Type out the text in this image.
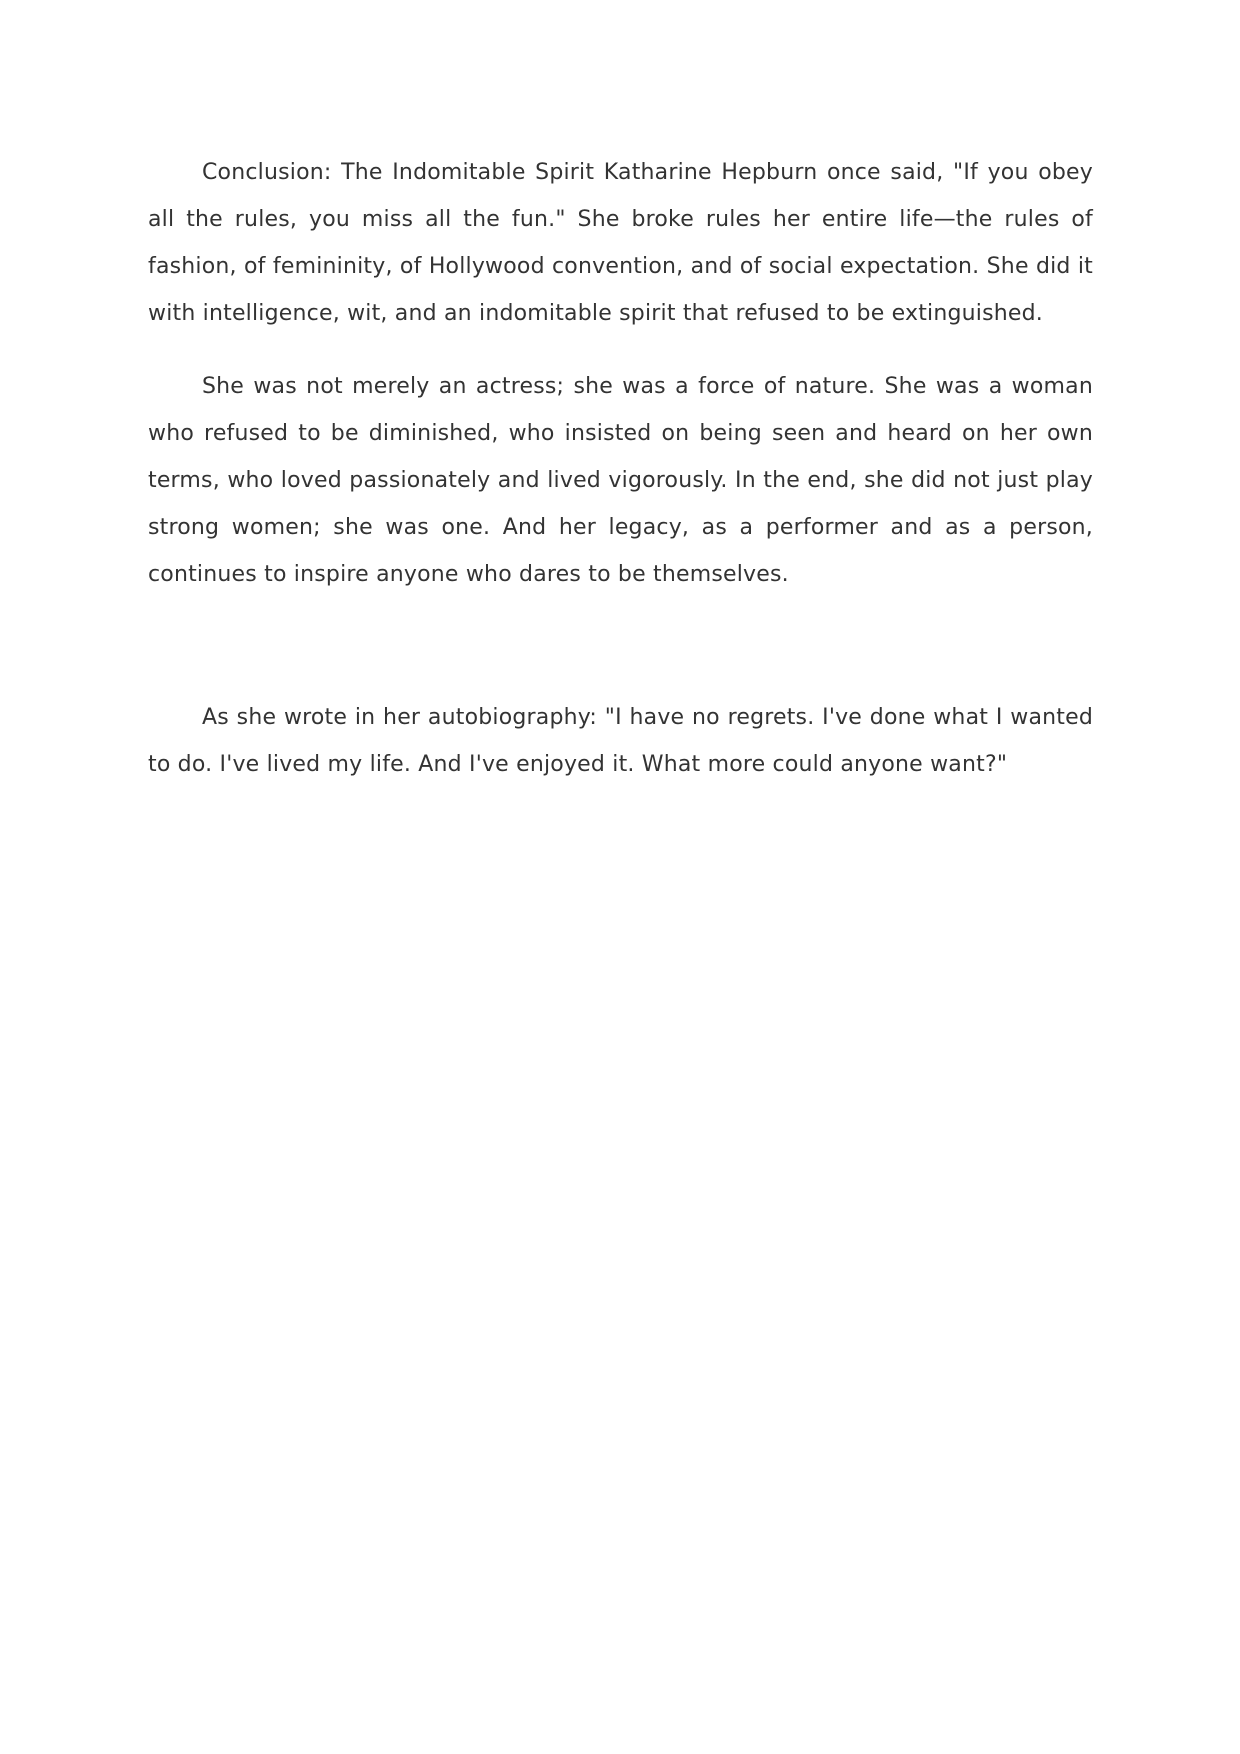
Conclusion: The Indomitable Spirit Katharine Hepburn once said, "If you obey all the rules, you miss all the fun." She broke rules her entire life—the rules of fashion, of femininity, of Hollywood convention, and of social expectation. She did it with intelligence, wit, and an indomitable spirit that refused to be extinguished.

She was not merely an actress; she was a force of nature. She was a woman who refused to be diminished, who insisted on being seen and heard on her own terms, who loved passionately and lived vigorously. In the end, she did not just play strong women; she was one. And her legacy, as a performer and as a person, continues to inspire anyone who dares to be themselves.

As she wrote in her autobiography: "I have no regrets. I've done what I wanted to do. I've lived my life. And I've enjoyed it. What more could anyone want?"
